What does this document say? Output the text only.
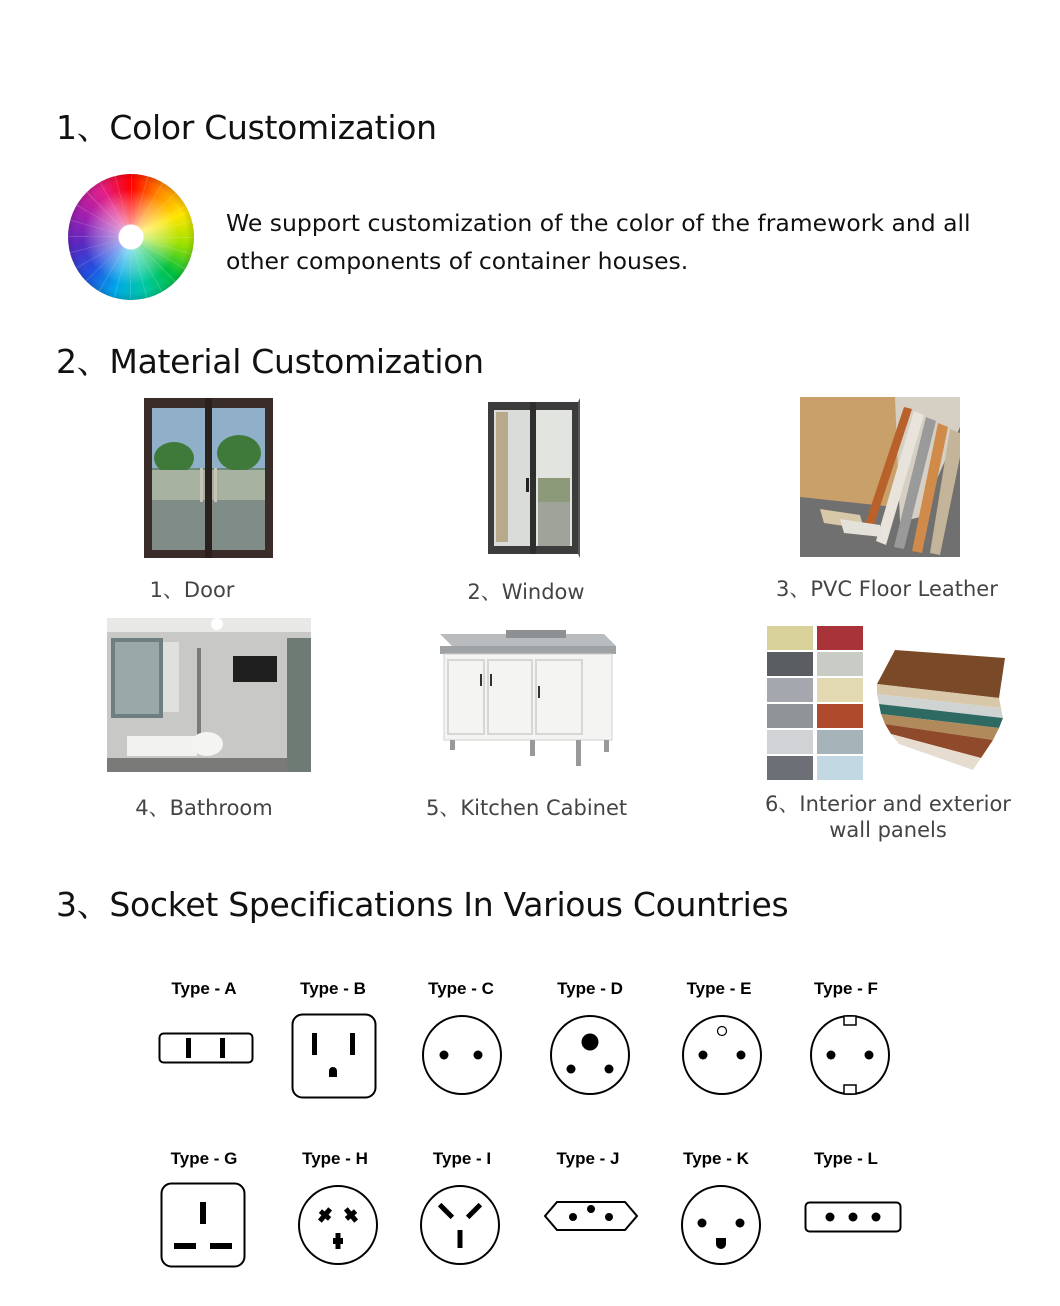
1、Color Customization
We support customization of the color of the framework and all other components of container houses.
2、Material Customization
1、Door	2、Window	3、PVC Floor Leather
4、Bathroom	5、Kitchen Cabinet	6、Interior and exterior
wall panels
3、Socket Specifications In Various Countries
Type - A	Type - B	Type - C	Type - D	Type - E	Type - F
Type - G	Type - H	Type - I	Type - J	Type - K	Type - L
